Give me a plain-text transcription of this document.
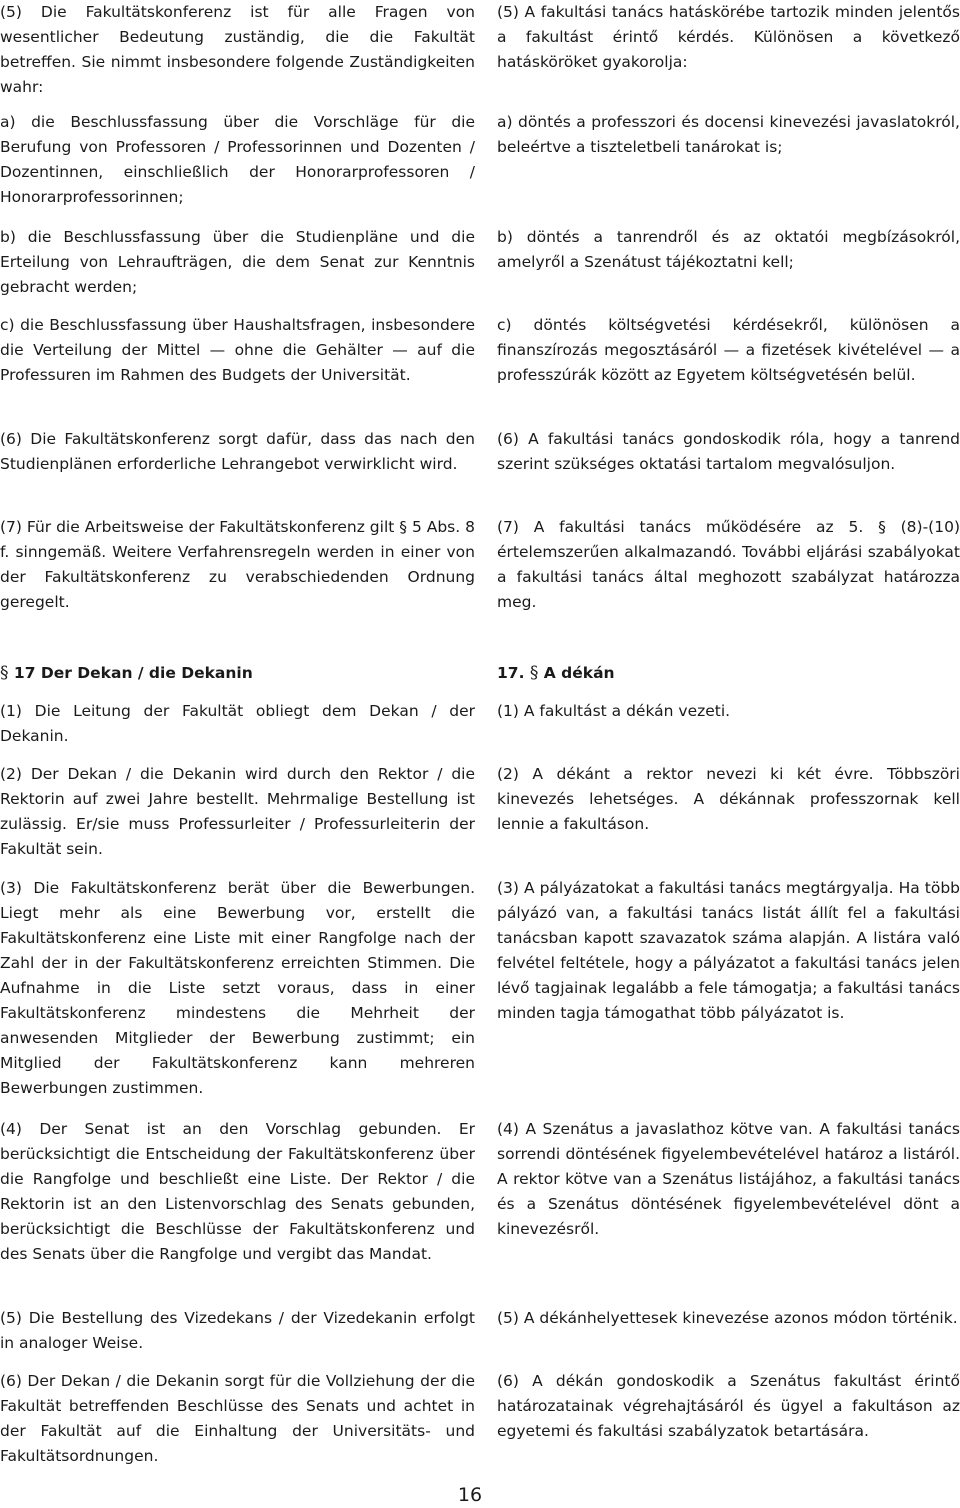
(5) Die Fakultätskonferenz ist für alle Fragen von wesentlicher Bedeutung zuständig, die die Fakultät betreffen. Sie nimmt insbesondere folgende Zuständigkeiten wahr:

a) die Beschlussfassung über die Vorschläge für die Berufung von Professoren / Professorinnen und Dozenten / Dozentinnen, einschließlich der Honorarprofessoren / Honorarprofessorinnen;

b) die Beschlussfassung über die Studienpläne und die Erteilung von Lehraufträgen, die dem Senat zur Kenntnis gebracht werden;

c) die Beschlussfassung über Haushaltsfragen, insbesondere die Verteilung der Mittel — ohne die Gehälter — auf die Professuren im Rahmen des Budgets der Universität.

(6) Die Fakultätskonferenz sorgt dafür, dass das nach den Studienplänen erforderliche Lehrangebot verwirklicht wird.

(7) Für die Arbeitsweise der Fakultätskonferenz gilt § 5 Abs. 8 f. sinngemäß. Weitere Verfahrensregeln werden in einer von der Fakultätskonferenz zu verabschiedenden Ordnung geregelt.

§ 17 Der Dekan / die Dekanin

(1) Die Leitung der Fakultät obliegt dem Dekan / der Dekanin.

(2) Der Dekan / die Dekanin wird durch den Rektor / die Rektorin auf zwei Jahre bestellt. Mehrmalige Bestellung ist zulässig. Er/sie muss Professurleiter / Professurleiterin der Fakultät sein.

(3) Die Fakultätskonferenz berät über die Bewerbungen. Liegt mehr als eine Bewerbung vor, erstellt die Fakultätskonferenz eine Liste mit einer Rangfolge nach der Zahl der in der Fakultätskonferenz erreichten Stimmen. Die Aufnahme in die Liste setzt voraus, dass in einer Fakultätskonferenz mindestens die Mehrheit der anwesenden Mitglieder der Bewerbung zustimmt; ein Mitglied der Fakultätskonferenz kann mehreren Bewerbungen zustimmen.

(4) Der Senat ist an den Vorschlag gebunden. Er berücksichtigt die Entscheidung der Fakultätskonferenz über die Rangfolge und beschließt eine Liste. Der Rektor / die Rektorin ist an den Listenvorschlag des Senats gebunden, berücksichtigt die Beschlüsse der Fakultätskonferenz und des Senats über die Rangfolge und vergibt das Mandat.

(5) Die Bestellung des Vizedekans / der Vizedekanin erfolgt in analoger Weise.

(6) Der Dekan / die Dekanin sorgt für die Vollziehung der die Fakultät betreffenden Beschlüsse des Senats und achtet in der Fakultät auf die Einhaltung der Universitäts- und Fakultätsordnungen.

(5) A fakultási tanács hatáskörébe tartozik minden jelentős a fakultást érintő kérdés. Különösen a következő hatásköröket gyakorolja:

a) döntés a professzori és docensi kinevezési javaslatokról, beleértve a tiszteletbeli tanárokat is;

b) döntés a tanrendről és az oktatói megbízásokról, amelyről a Szenátust tájékoztatni kell;

c) döntés költségvetési kérdésekről, különösen a finanszírozás megosztásáról — a fizetések kivételével — a professzúrák között az Egyetem költségvetésén belül.

(6) A fakultási tanács gondoskodik róla, hogy a tanrend szerint szükséges oktatási tartalom megvalósuljon.

(7) A fakultási tanács működésére az 5. § (8)-(10) értelemszerűen alkalmazandó. További eljárási szabályokat a fakultási tanács által meghozott szabályzat határozza meg.

17. § A dékán

(1) A fakultást a dékán vezeti.

(2) A dékánt a rektor nevezi ki két évre. Többszöri kinevezés lehetséges. A dékánnak professzornak kell lennie a fakultáson.

(3) A pályázatokat a fakultási tanács megtárgyalja. Ha több pályázó van, a fakultási tanács listát állít fel a fakultási tanácsban kapott szavazatok száma alapján. A listára való felvétel feltétele, hogy a pályázatot a fakultási tanács jelen lévő tagjainak legalább a fele támogatja; a fakultási tanács minden tagja támogathat több pályázatot is.

(4) A Szenátus a javaslathoz kötve van. A fakultási tanács sorrendi döntésének figyelembevételével határoz a listáról. A rektor kötve van a Szenátus listájához, a fakultási tanács és a Szenátus döntésének figyelembevételével dönt a kinevezésről.

(5) A dékánhelyettesek kinevezése azonos módon történik.

(6) A dékán gondoskodik a Szenátus fakultást érintő határozatainak végrehajtásáról és ügyel a fakultáson az egyetemi és fakultási szabályzatok betartására.

16
